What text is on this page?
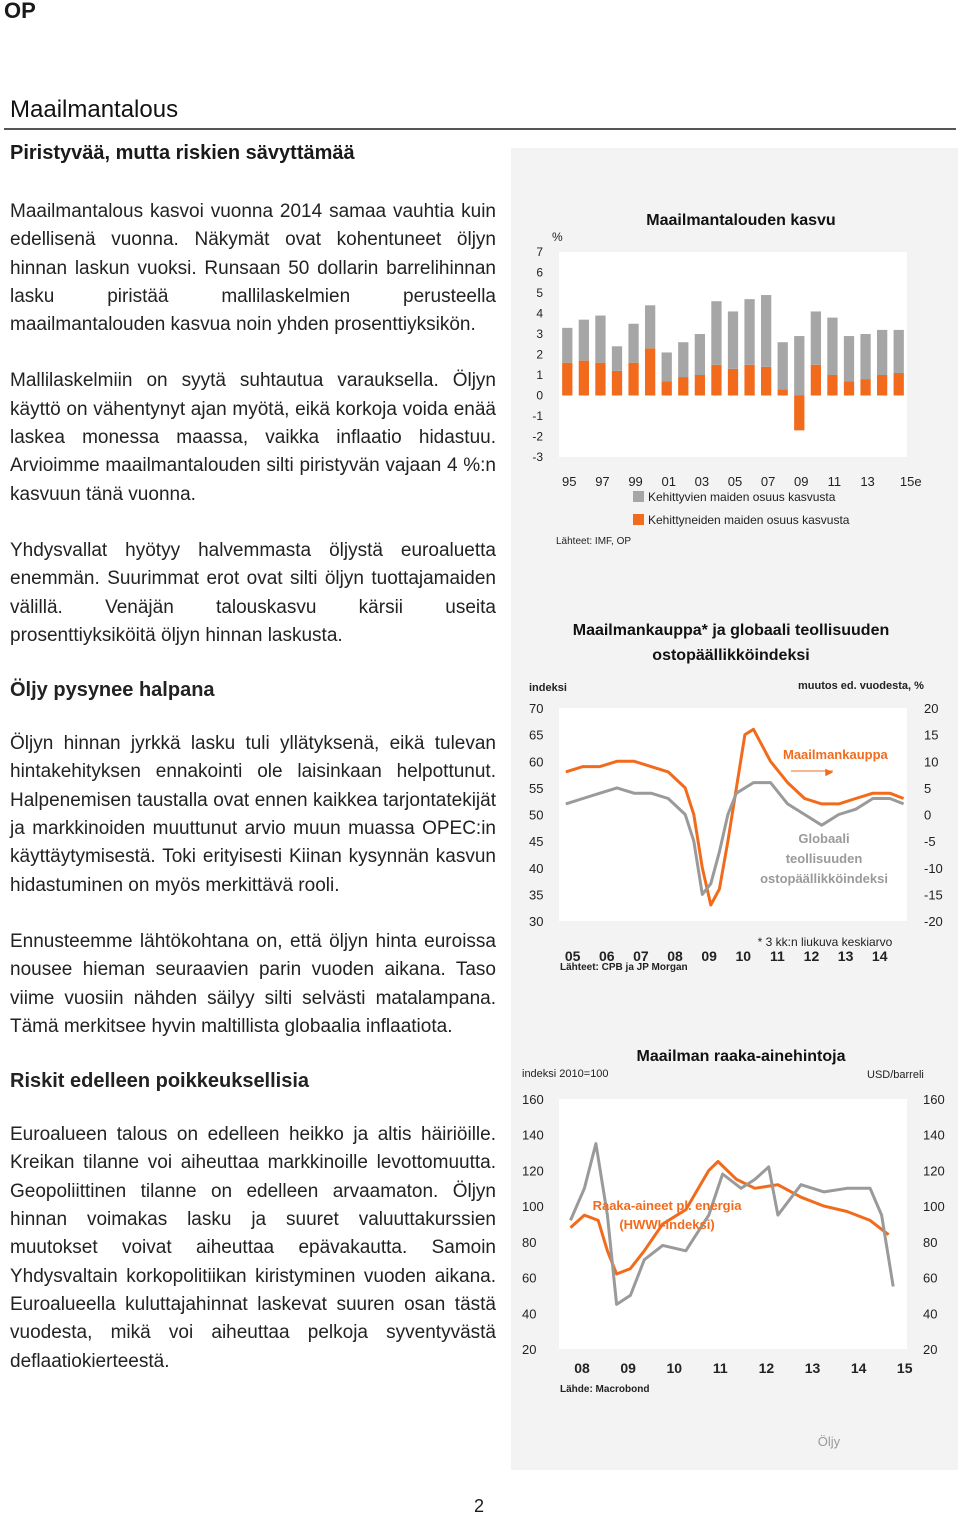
OP
Maailmantalous
Piristyvää, mutta riskien sävyttämää

Maailmantalous kasvoi vuonna 2014 samaa vauhtia kuin edellisenä vuonna. Näkymät ovat kohentuneet öljyn hinnan laskun vuoksi. Runsaan 50 dollarin barrelihinnan lasku piristää mallilaskelmien perusteella maailmantalouden kasvua noin yhden prosenttiyksikön.

Mallilaskelmiin on syytä suhtautua varauksella. Öljyn käyttö on vähentynyt ajan myötä, eikä korkoja voida enää laskea monessa maassa, vaikka inflaatio hidastuu. Arvioimme maailmantalouden silti piristyvän vajaan 4 %:n kasvuun tänä vuonna.

Yhdysvallat hyötyy halvemmasta öljystä euroaluetta enemmän. Suurimmat erot ovat silti öljyn tuottajamaiden välillä. Venäjän talouskasvu kärsii useita prosenttiyksiköitä öljyn hinnan laskusta.

Öljy pysynee halpana

Öljyn hinnan jyrkkä lasku tuli yllätyksenä, eikä tulevan hintakehityksen ennakointi ole laisinkaan helpottunut. Halpenemisen taustalla ovat ennen kaikkea tarjontatekijät ja markkinoiden muuttunut arvio muun muassa OPEC:in käyttäytymisestä. Toki erityisesti Kiinan kysynnän kasvun hidastuminen on myös merkittävä rooli.

Ennusteemme lähtökohtana on, että öljyn hinta euroissa nousee hieman seuraavien parin vuoden aikana. Taso viime vuosiin nähden säilyy silti selvästi matalampana. Tämä merkitsee hyvin maltillista globaalia inflaatiota.

Riskit edelleen poikkeuksellisia

Euroalueen talous on edelleen heikko ja altis häiriöille. Kreikan tilanne voi aiheuttaa markkinoille levottomuutta. Geopoliittinen tilanne on edelleen arvaamaton. Öljyn hinnan voimakas lasku ja suuret valuuttakurssien muutokset voivat aiheuttaa epävakautta. Samoin Yhdysvaltain korkopolitiikan kiristyminen vuoden aikana. Euroalueella kuluttajahinnat laskevat suuren osan tästä vuodesta, mikä voi aiheuttaa pelkoja syventyvästä deflaatiokierteestä.

Maailmantalouden kasvu
%
7
6
5
4
3
2
1
0
-1
-2
-3
95 97 99 01 03 05 07 09 11 13 15e
Kehittyvien maiden osuus kasvusta
Kehittyneiden maiden osuus kasvusta
Lähteet: IMF, OP
Maailmankauppa* ja globaali teollisuuden ostopäällikköindeksi
indeksi	muutos ed. vuodesta, %
70
65
60
55
50
45
40
35
30
20
15
10
5
0
-5
-10
-15
-20
05 06 07 08 09 10 11 12 13 14
Maailmankauppa
▶
Globaali
teollisuuden
ostopäällikköindeksi
* 3 kk:n liukuva keskiarvo
Lähteet: CPB ja JP Morgan
Maailman raaka-ainehintoja
indeksi 2010=100	USD/barreli
160
140
120
100
80
60
40
20
160
140
120
100
80
60
40
20
08 09 10 11 12 13 14 15
Raaka-aineet pl. energia
(HWWI-indeksi)
Öljy
Lähde: Macrobond
2
